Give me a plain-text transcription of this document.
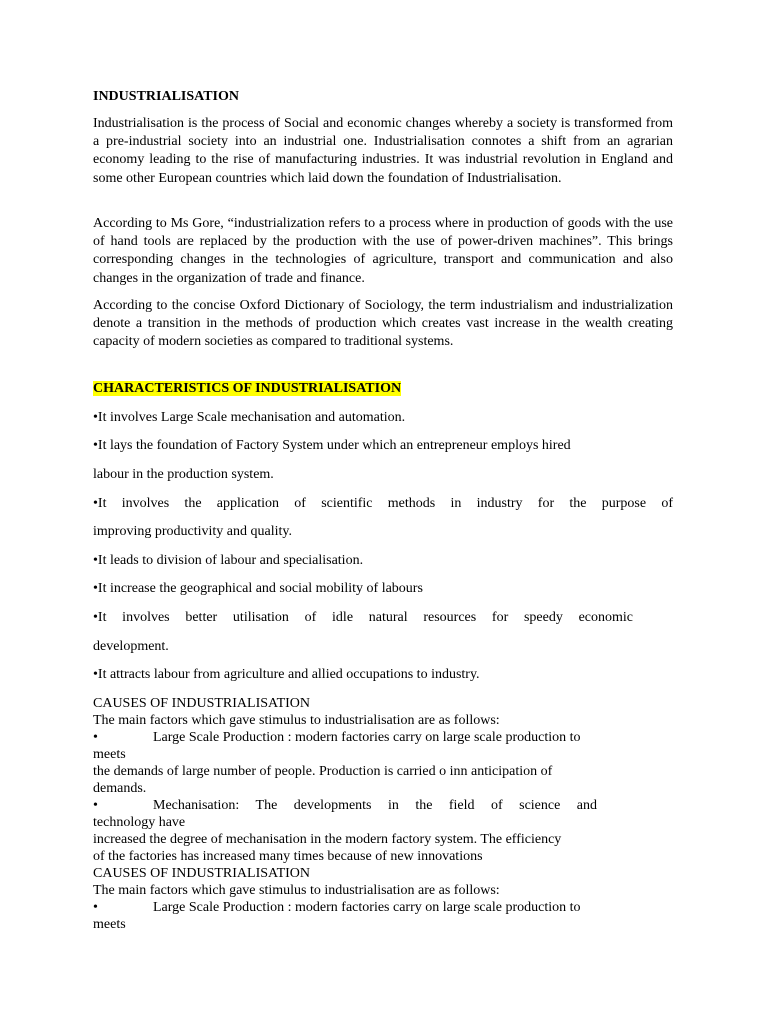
INDUSTRIALISATION

Industrialisation is the process of Social and economic changes whereby a society is transformed from a pre-industrial society into an industrial one. Industrialisation connotes a shift from an agrarian economy leading to the rise of manufacturing industries. It was industrial revolution in England and some other European countries which laid down the foundation of Industrialisation.

According to Ms Gore, “industrialization refers to a process where in production of goods with the use of hand tools are replaced by the production with the use of power-driven machines”. This brings corresponding changes in the technologies of agriculture, transport and communication and also changes in the organization of trade and finance.

According to the concise Oxford Dictionary of Sociology, the term industrialism and industrialization denote a transition in the methods of production which creates vast increase in the wealth creating capacity of modern societies as compared to traditional systems.

CHARACTERISTICS OF INDUSTRIALISATION

•It involves Large Scale mechanisation and automation.

•It lays the foundation of Factory System under which an entrepreneur employs hired

labour in the production system.

•It involves the application of scientific methods in industry for the purpose of

improving productivity and quality.

•It leads to division of labour and specialisation.

•It increase the geographical and social mobility of labours

•It involves better utilisation of idle natural resources for speedy economic

development.

•It attracts labour from agriculture and allied occupations to industry.

CAUSES OF INDUSTRIALISATION

The main factors which gave stimulus to industrialisation are as follows:

•	Large Scale Production : modern factories carry on large scale production to

meets

the demands of large number of people. Production is carried o inn anticipation of

demands.

•	Mechanisation: The developments in the field of science and

technology have

increased the degree of mechanisation in the modern factory system. The efficiency

of the factories has increased many times because of new innovations

CAUSES OF INDUSTRIALISATION

The main factors which gave stimulus to industrialisation are as follows:

•	Large Scale Production : modern factories carry on large scale production to

meets
